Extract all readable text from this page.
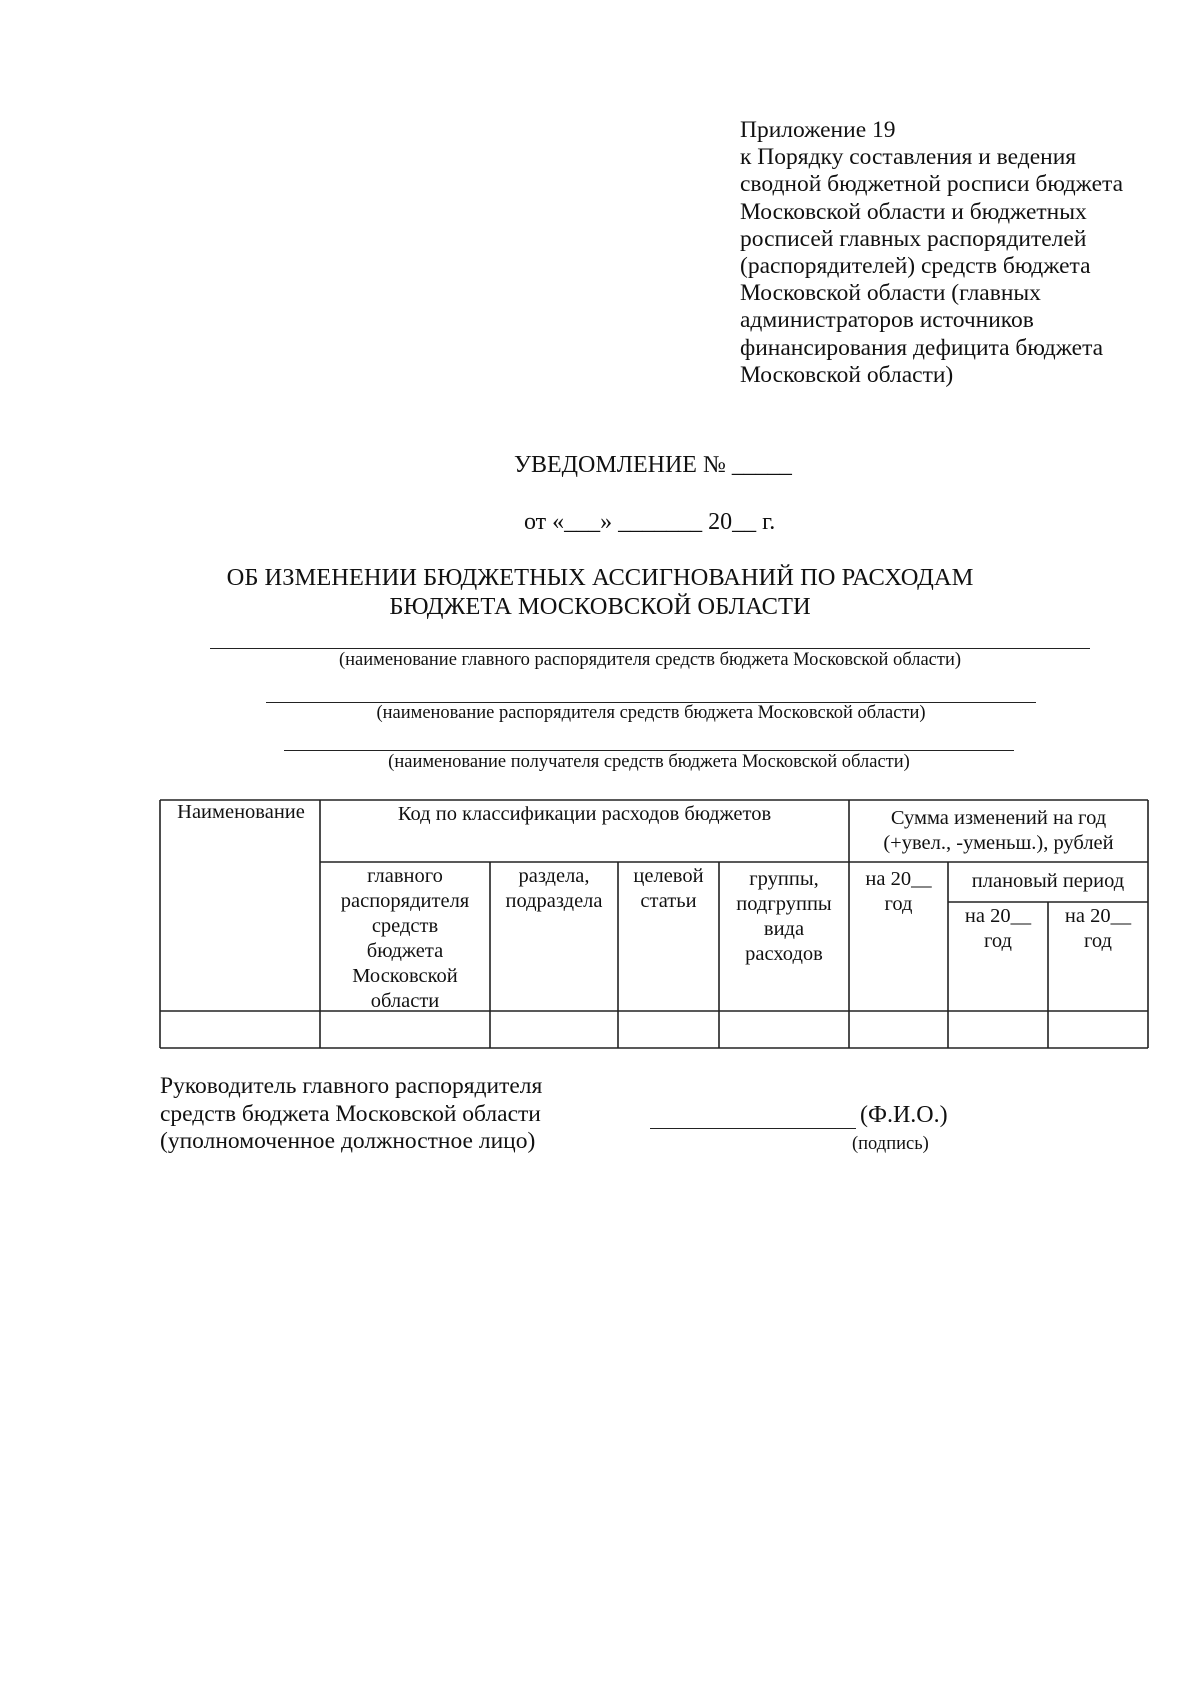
Приложение 19
к Порядку составления и ведения
сводной бюджетной росписи бюджета
Московской области и бюджетных
росписей главных распорядителей
(распорядителей) средств бюджета
Московской области (главных
администраторов источников
финансирования дефицита бюджета
Московской области)
УВЕДОМЛЕНИЕ № _____
от «___» _______ 20__ г.
ОБ ИЗМЕНЕНИИ БЮДЖЕТНЫХ АССИГНОВАНИЙ ПО РАСХОДАМ
БЮДЖЕТА МОСКОВСКОЙ ОБЛАСТИ
(наименование главного распорядителя средств бюджета Московской области)
(наименование распорядителя средств бюджета Московской области)
(наименование получателя средств бюджета Московской области)
Наименование	Код по классификации расходов бюджетов	Сумма изменений на год
(+увел., -уменьш.), рублей
главного
распорядителя
средств
бюджета
Московской
области
раздела,
подраздела
целевой
статьи
группы,
подгруппы
вида
расходов
на 20__
год
плановый период
на 20__
год
на 20__
год
Руководитель главного распорядителя
средств бюджета Московской области
(уполномоченное должностное лицо)
(Ф.И.О.)
(подпись)
